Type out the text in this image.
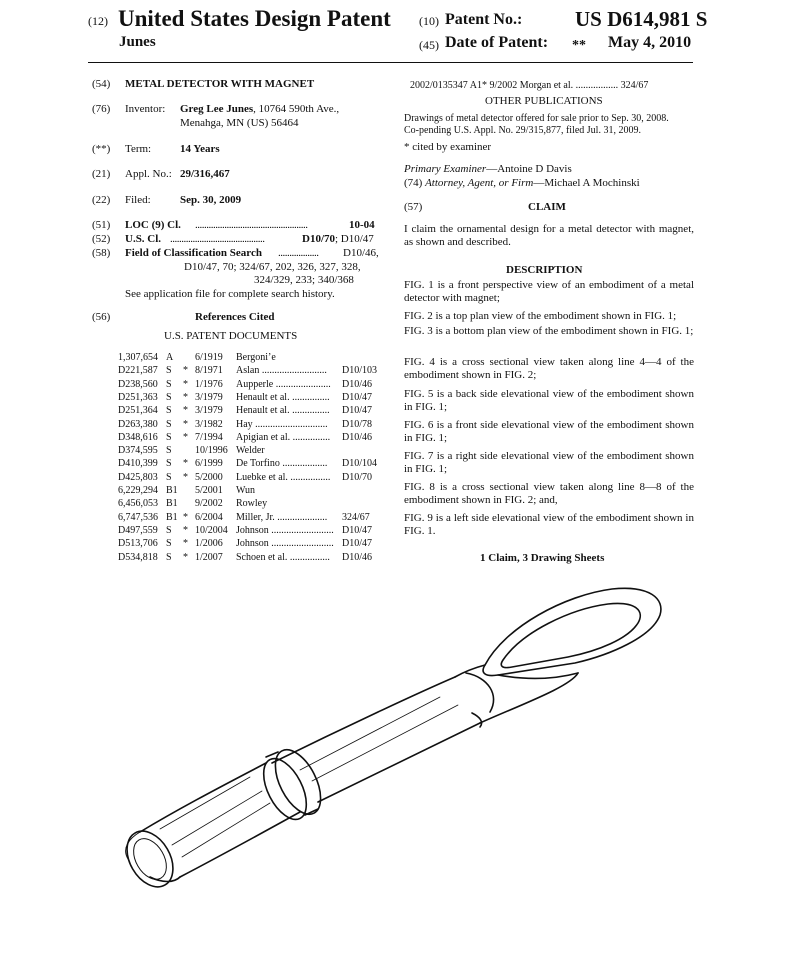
(12) United States Design Patent
Junes
(10) Patent No.:	US D614,981 S
(45) Date of Patent: ** May 4, 2010
(54) METAL DETECTOR WITH MAGNET
(76) Inventor: Greg Lee Junes, 10764 590th Ave.,
Menahga, MN (US) 56464
(**) Term:	14 Years
(21) Appl. No.: 29/316,467
(22) Filed:	Sep. 30, 2009
(51) LOC (9) Cl. ..................................................	10-04
(52) U.S. Cl. ..........................................	D10/70; D10/47
(58) Field of Classification Search .................. D10/46,
D10/47, 70; 324/67, 202, 326, 327, 328,
324/329, 233; 340/368
See application file for complete search history.
(56)	References Cited
U.S. PATENT DOCUMENTS
1,307,654 A 6/1919 Bergoni’e
D221,587 S * 8/1971 Aslan .......................... D10/103
D238,560 S * 1/1976 Aupperle ...................... D10/46
D251,363 S * 3/1979 Henault et al. ............... D10/47
D251,364 S * 3/1979 Henault et al. ............... D10/47
D263,380 S * 3/1982 Hay ............................. D10/78
D348,616 S * 7/1994 Apigian et al. ............... D10/46
D374,595 S 10/1996 Welder
D410,399 S * 6/1999 De Torfino .................. D10/104
D425,803 S * 5/2000 Luebke et al. ................ D10/70
6,229,294 B1 5/2001 Wun
6,456,053 B1 9/2002 Rowley
6,747,536 B1 * 6/2004 Miller, Jr. .................... 324/67
D497,559 S * 10/2004 Johnson ......................... D10/47
D513,706 S * 1/2006 Johnson ......................... D10/47
D534,818 S * 1/2007 Schoen et al. ................ D10/46
2002/0135347 A1* 9/2002 Morgan et al. ................. 324/67
OTHER PUBLICATIONS
Drawings of metal detector offered for sale prior to Sep. 30, 2008.
Co-pending U.S. Appl. No. 29/315,877, filed Jul. 31, 2009.
* cited by examiner
Primary Examiner—Antoine D Davis
(74) Attorney, Agent, or Firm—Michael A Mochinski
(57)	CLAIM
I claim the ornamental design for a metal detector with magnet, as shown and described.
DESCRIPTION
FIG. 1 is a front perspective view of an embodiment of a metal detector with magnet;
FIG. 2 is a top plan view of the embodiment shown in FIG. 1;
FIG. 3 is a bottom plan view of the embodiment shown in FIG. 1;
FIG. 4 is a cross sectional view taken along line 4—4 of the embodiment shown in FIG. 2;
FIG. 5 is a back side elevational view of the embodiment shown in FIG. 1;
FIG. 6 is a front side elevational view of the embodiment shown in FIG. 1;
FIG. 7 is a right side elevational view of the embodiment shown in FIG. 1;
FIG. 8 is a cross sectional view taken along line 8—8 of the embodiment shown in FIG. 2; and,
FIG. 9 is a left side elevational view of the embodiment shown in FIG. 1.
1 Claim, 3 Drawing Sheets
